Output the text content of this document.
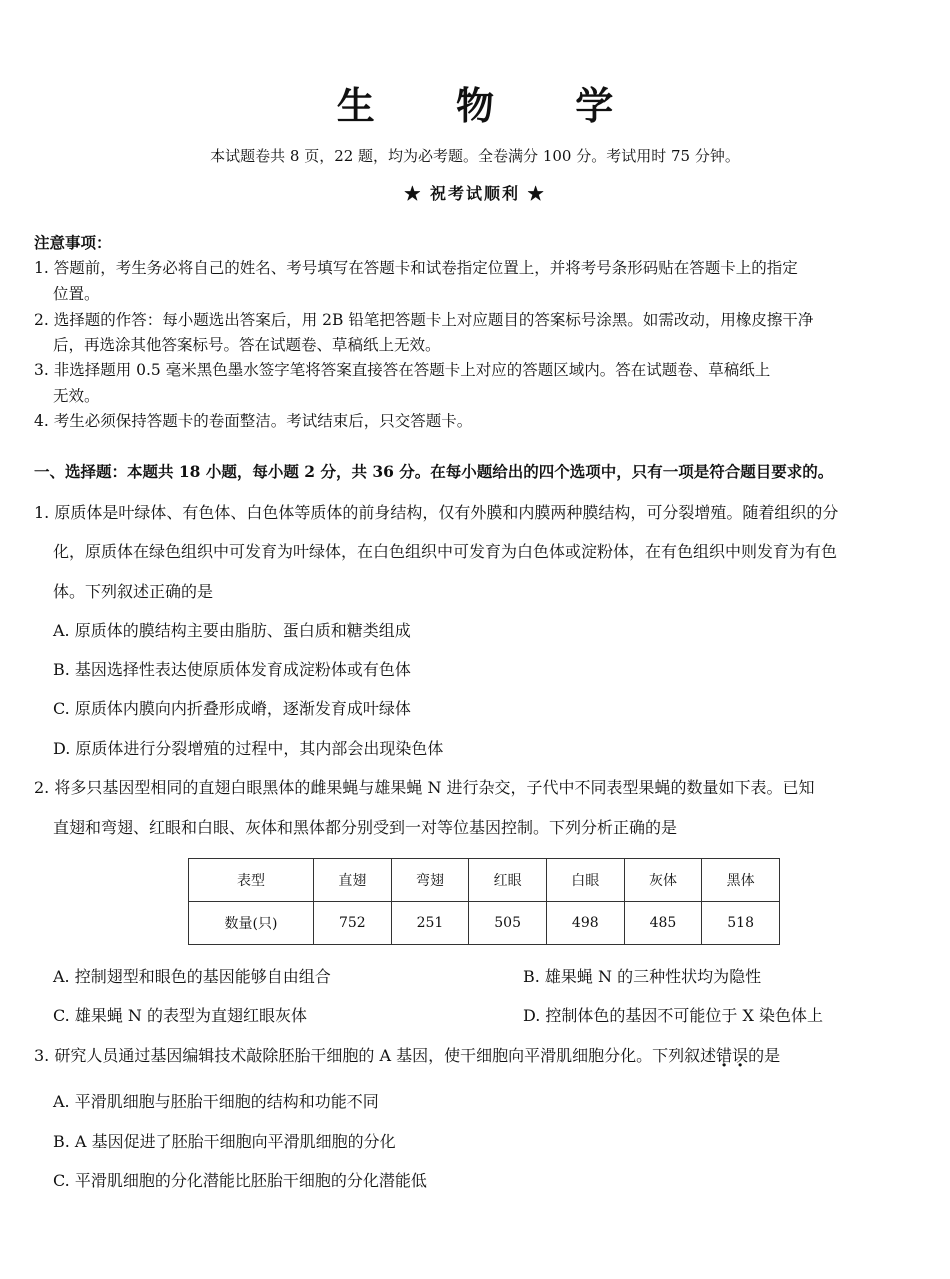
生 物 学
本试题卷共 8 页，22 题，均为必考题。全卷满分 100 分。考试用时 75 分钟。
★ 祝考试顺利 ★
注意事项：
1. 答题前，考生务必将自己的姓名、考号填写在答题卡和试卷指定位置上，并将考号条形码贴在答题卡上的指定
位置。
2. 选择题的作答：每小题选出答案后，用 2B 铅笔把答题卡上对应题目的答案标号涂黑。如需改动，用橡皮擦干净
后，再选涂其他答案标号。答在试题卷、草稿纸上无效。
3. 非选择题用 0.5 毫米黑色墨水签字笔将答案直接答在答题卡上对应的答题区域内。答在试题卷、草稿纸上
无效。
4. 考生必须保持答题卡的卷面整洁。考试结束后，只交答题卡。
一、选择题：本题共 18 小题，每小题 2 分，共 36 分。在每小题给出的四个选项中，只有一项是符合题目要求的。
1. 原质体是叶绿体、有色体、白色体等质体的前身结构，仅有外膜和内膜两种膜结构，可分裂增殖。随着组织的分
化，原质体在绿色组织中可发育为叶绿体，在白色组织中可发育为白色体或淀粉体，在有色组织中则发育为有色
体。下列叙述正确的是
A. 原质体的膜结构主要由脂肪、蛋白质和糖类组成
B. 基因选择性表达使原质体发育成淀粉体或有色体
C. 原质体内膜向内折叠形成嵴，逐渐发育成叶绿体
D. 原质体进行分裂增殖的过程中，其内部会出现染色体
2. 将多只基因型相同的直翅白眼黑体的雌果蝇与雄果蝇 N 进行杂交，子代中不同表型果蝇的数量如下表。已知
直翅和弯翅、红眼和白眼、灰体和黑体都分别受到一对等位基因控制。下列分析正确的是
表型	直翅	弯翅	红眼	白眼	灰体	黑体
数量(只)	752	251	505	498	485	518
A. 控制翅型和眼色的基因能够自由组合	B. 雄果蝇 N 的三种性状均为隐性
C. 雄果蝇 N 的表型为直翅红眼灰体	D. 控制体色的基因不可能位于 X 染色体上
3. 研究人员通过基因编辑技术敲除胚胎干细胞的 A 基因，使干细胞向平滑肌细胞分化。下列叙述错误的是
A. 平滑肌细胞与胚胎干细胞的结构和功能不同
B. A 基因促进了胚胎干细胞向平滑肌细胞的分化
C. 平滑肌细胞的分化潜能比胚胎干细胞的分化潜能低
